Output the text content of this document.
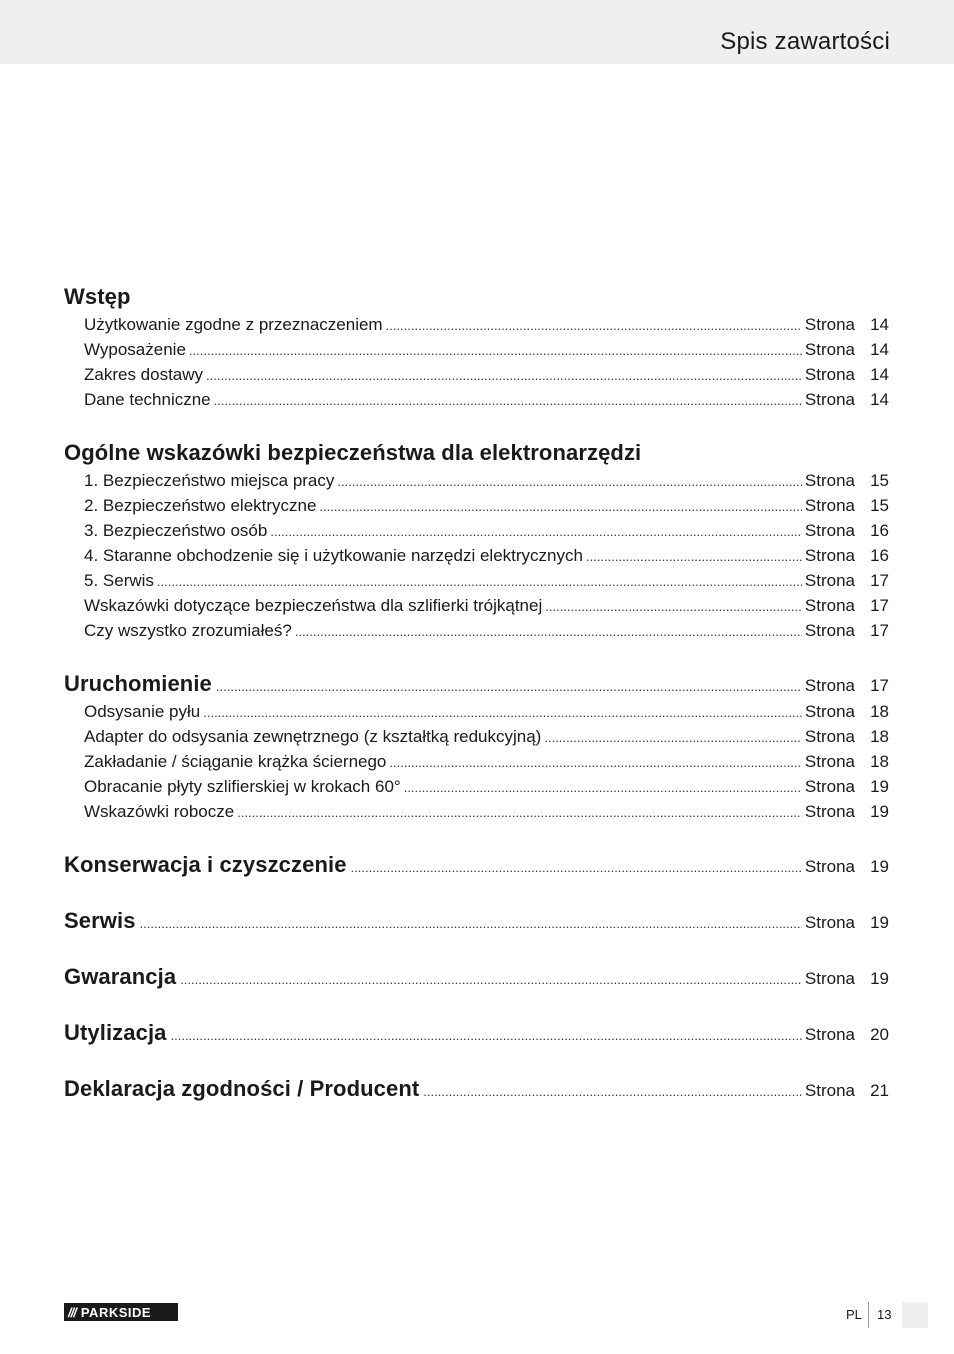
Spis zawartości
Wstęp
Użytkowanie zgodne z przeznaczeniem .....	Strona 14
Wyposażenie .....	Strona 14
Zakres dostawy .....	Strona 14
Dane techniczne .....	Strona 14
Ogólne wskazówki bezpieczeństwa dla elektronarzędzi
1. Bezpieczeństwo miejsca pracy .....	Strona 15
2. Bezpieczeństwo elektryczne .....	Strona 15
3. Bezpieczeństwo osób .....	Strona 16
4. Staranne obchodzenie się i użytkowanie narzędzi elektrycznych .....	Strona 16
5. Serwis .....	Strona 17
Wskazówki dotyczące bezpieczeństwa dla szlifierki trójkątnej .....	Strona 17
Czy wszystko zrozumiałeś? .....	Strona 17
Uruchomienie .....	Strona 17
Odsysanie pyłu .....	Strona 18
Adapter do odsysania zewnętrznego (z kształtką redukcyjną) .....	Strona 18
Zakładanie / ściąganie krążka ściernego .....	Strona 18
Obracanie płyty szlifierskiej w krokach 60° .....	Strona 19
Wskazówki robocze .....	Strona 19
Konserwacja i czyszczenie .....	Strona 19
Serwis .....	Strona 19
Gwarancja .....	Strona 19
Utylizacja .....	Strona 20
Deklaracja zgodności / Producent .....	Strona 21
/// PARKSIDE	PL 13
